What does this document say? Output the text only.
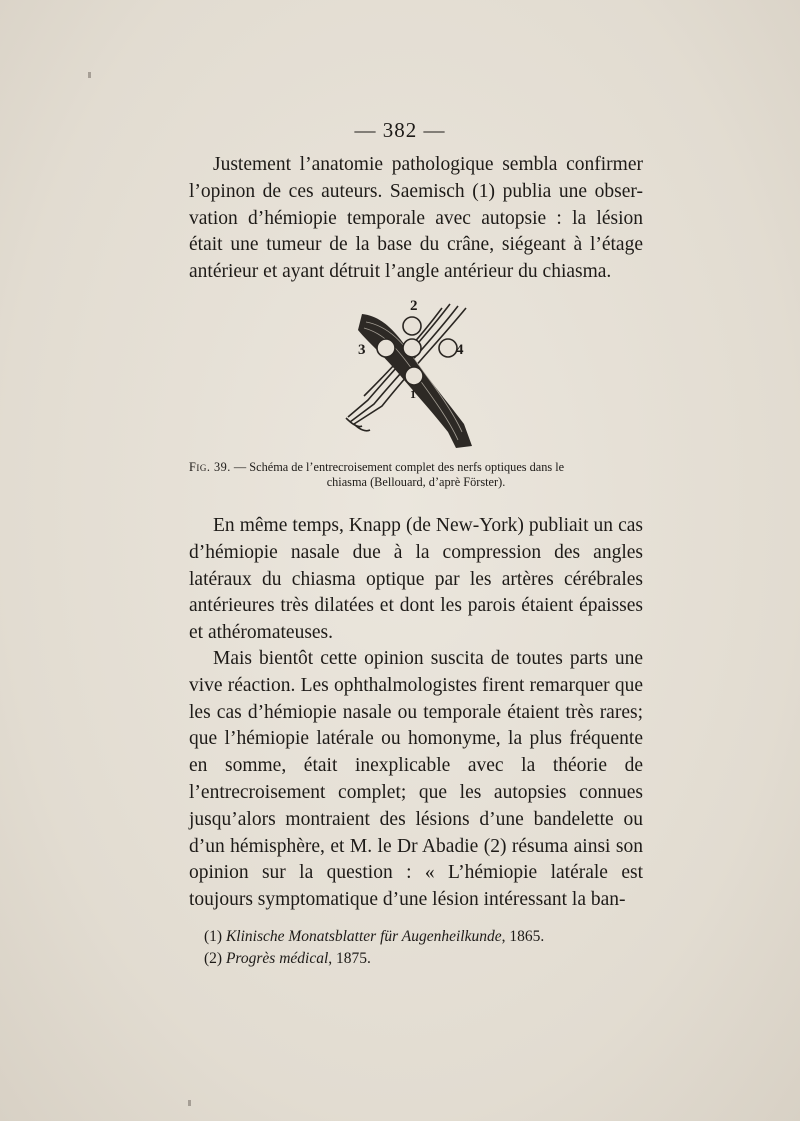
— 382 —

Justement l’anatomie pathologique sembla confirmer l’opinon de ces auteurs. Saemisch (1) publia une obser- vation d’hémiopie temporale avec autopsie : la lésion était une tumeur de la base du crâne, siégeant à l’étage antérieur et ayant détruit l’angle antérieur du chiasma.

2
3	4
1

Fig. 39. — Schéma de l’entrecroisement complet des nerfs optiques dans le
chiasma (Bellouard, d’aprè Förster).

En même temps, Knapp (de New-York) publiait un cas d’hémiopie nasale due à la compression des angles latéraux du chiasma optique par les artères cérébrales antérieures très dilatées et dont les parois étaient épaisses et athéromateuses.

Mais bientôt cette opinion suscita de toutes parts une vive réaction. Les ophthalmologistes firent remarquer que les cas d’hémiopie nasale ou temporale étaient très rares; que l’hémiopie latérale ou homonyme, la plus fréquente en somme, était inexplicable avec la théorie de l’entrecroisement complet; que les autopsies connues jusqu’alors montraient des lésions d’une bandelette ou d’un hémisphère, et M. le Dr Abadie (2) résuma ainsi son opinion sur la question : « L’hémiopie latérale est toujours symptomatique d’une lésion intéressant la ban-

(1) Klinische Monatsblatter für Augenheilkunde, 1865.
(2) Progrès médical, 1875.
